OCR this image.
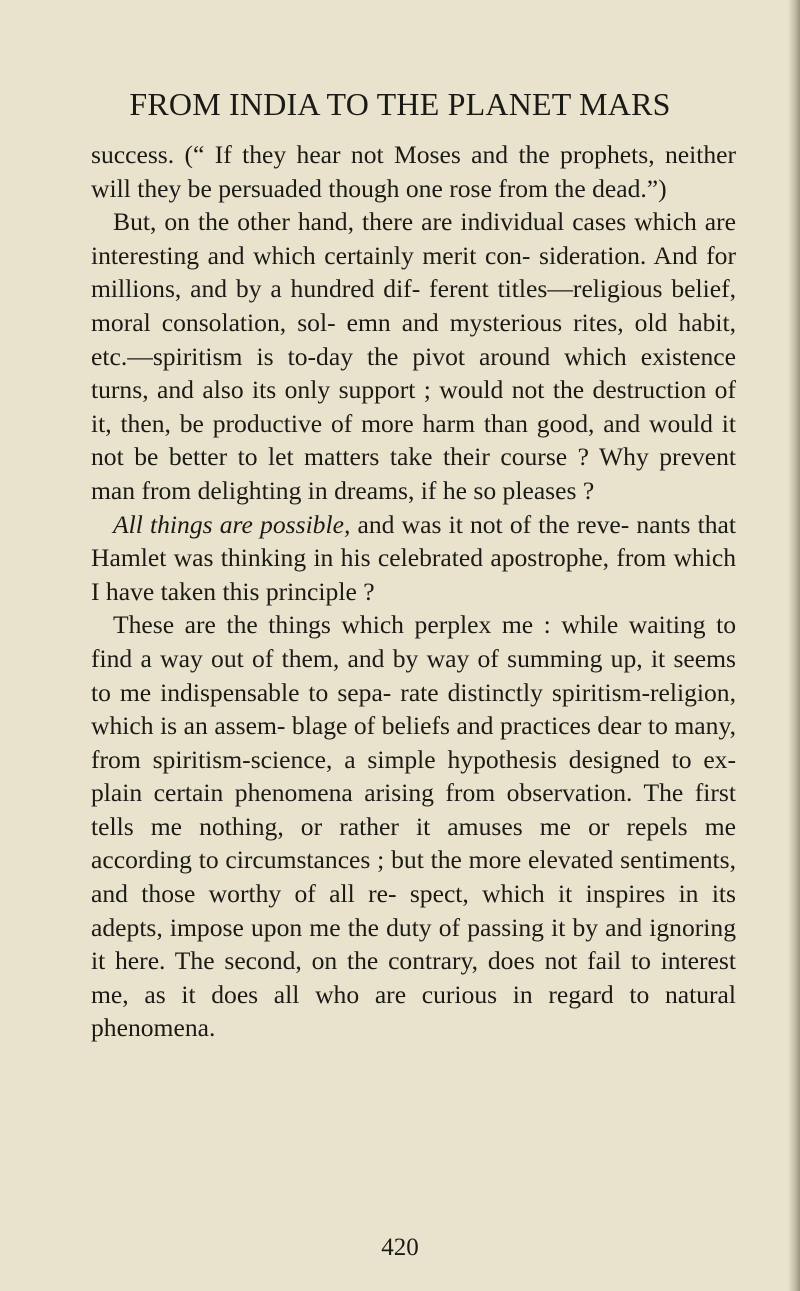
FROM INDIA TO THE PLANET MARS

success. (“ If they hear not Moses and the prophets, neither will they be persuaded though one rose from the dead.”)

But, on the other hand, there are individual cases which are interesting and which certainly merit con- sideration. And for millions, and by a hundred dif- ferent titles—religious belief, moral consolation, sol- emn and mysterious rites, old habit, etc.—spiritism is to-day the pivot around which existence turns, and also its only support ; would not the destruction of it, then, be productive of more harm than good, and would it not be better to let matters take their course ? Why prevent man from delighting in dreams, if he so pleases ?

All things are possible, and was it not of the reve- nants that Hamlet was thinking in his celebrated apostrophe, from which I have taken this principle ?

These are the things which perplex me : while waiting to find a way out of them, and by way of summing up, it seems to me indispensable to sepa- rate distinctly spiritism-religion, which is an assem- blage of beliefs and practices dear to many, from spiritism-science, a simple hypothesis designed to ex- plain certain phenomena arising from observation. The first tells me nothing, or rather it amuses me or repels me according to circumstances ; but the more elevated sentiments, and those worthy of all re- spect, which it inspires in its adepts, impose upon me the duty of passing it by and ignoring it here. The second, on the contrary, does not fail to interest me, as it does all who are curious in regard to natural phenomena.

420
